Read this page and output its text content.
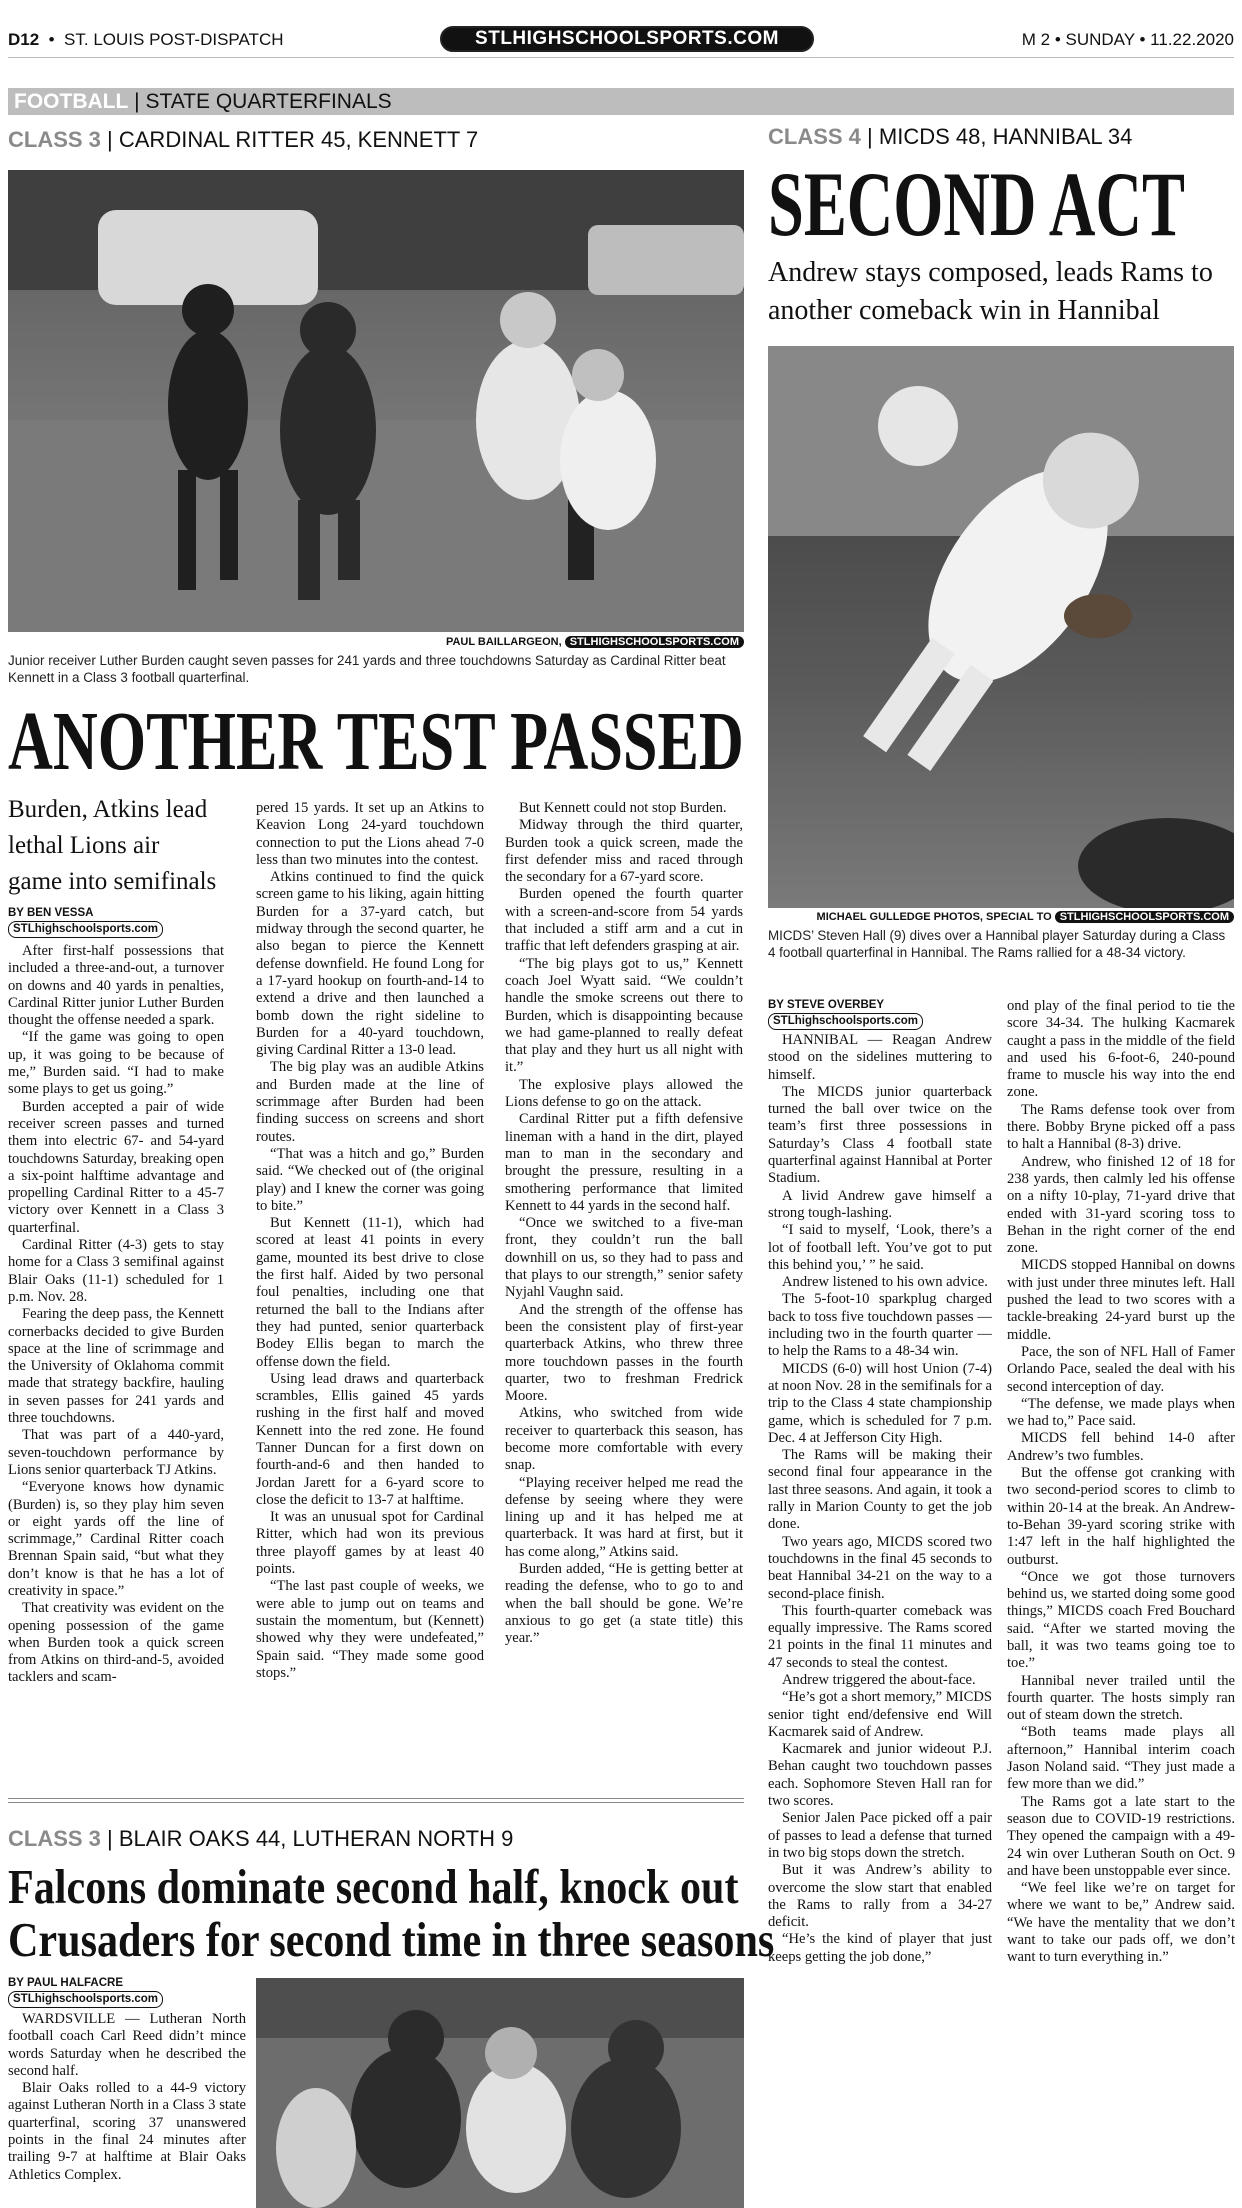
D12  •  ST. LOUIS POST-DISPATCH	STLHIGHSCHOOLSPORTS.COM	M 2 • SUNDAY • 11.22.2020
FOOTBALL | STATE QUARTERFINALS
CLASS 3 | CARDINAL RITTER 45, KENNETT 7
PAUL BAILLARGEON, STLHIGHSCHOOLSPORTS.COM
Junior receiver Luther Burden caught seven passes for 241 yards and three touchdowns Saturday as Cardinal Ritter beat Kennett in a Class 3 football quarterfinal.
ANOTHER TEST PASSED
Burden, Atkins lead lethal Lions air game into semifinals
BY BEN VESSA
STLhighschoolsports.com

After first-half possessions that included a three-and-out, a turnover on downs and 40 yards in penalties, Cardinal Ritter junior Luther Burden thought the offense needed a spark.

“If the game was going to open up, it was going to be because of me,” Burden said. “I had to make some plays to get us going.”

Burden accepted a pair of wide receiver screen passes and turned them into electric 67- and 54-yard touchdowns Saturday, breaking open a six-point halftime advantage and propelling Cardinal Ritter to a 45-7 victory over Kennett in a Class 3 quarterfinal.

Cardinal Ritter (4-3) gets to stay home for a Class 3 semifinal against Blair Oaks (11-1) scheduled for 1 p.m. Nov. 28.

Fearing the deep pass, the Kennett cornerbacks decided to give Burden space at the line of scrimmage and the University of Oklahoma commit made that strategy backfire, hauling in seven passes for 241 yards and three touchdowns.

That was part of a 440-yard, seven-touchdown performance by Lions senior quarterback TJ Atkins.

“Everyone knows how dynamic (Burden) is, so they play him seven or eight yards off the line of scrimmage,” Cardinal Ritter coach Brennan Spain said, “but what they don’t know is that he has a lot of creativity in space.”

That creativity was evident on the opening possession of the game when Burden took a quick screen from Atkins on third-and-5, avoided tacklers and scam-

pered 15 yards. It set up an Atkins to Keavion Long 24-yard touchdown connection to put the Lions ahead 7-0 less than two minutes into the contest.

Atkins continued to find the quick screen game to his liking, again hitting Burden for a 37-yard catch, but midway through the second quarter, he also began to pierce the Kennett defense downfield. He found Long for a 17-yard hookup on fourth-and-14 to extend a drive and then launched a bomb down the right sideline to Burden for a 40-yard touchdown, giving Cardinal Ritter a 13-0 lead.

The big play was an audible Atkins and Burden made at the line of scrimmage after Burden had been finding success on screens and short routes.

“That was a hitch and go,” Burden said. “We checked out of (the original play) and I knew the corner was going to bite.”

But Kennett (11-1), which had scored at least 41 points in every game, mounted its best drive to close the first half. Aided by two personal foul penalties, including one that returned the ball to the Indians after they had punted, senior quarterback Bodey Ellis began to march the offense down the field.

Using lead draws and quarterback scrambles, Ellis gained 45 yards rushing in the first half and moved Kennett into the red zone. He found Tanner Duncan for a first down on fourth-and-6 and then handed to Jordan Jarett for a 6-yard score to close the deficit to 13-7 at halftime.

It was an unusual spot for Cardinal Ritter, which had won its previous three playoff games by at least 40 points.

“The last past couple of weeks, we were able to jump out on teams and sustain the momentum, but (Kennett) showed why they were undefeated,” Spain said. “They made some good stops.”

But Kennett could not stop Burden.

Midway through the third quarter, Burden took a quick screen, made the first defender miss and raced through the secondary for a 67-yard score.

Burden opened the fourth quarter with a screen-and-score from 54 yards that included a stiff arm and a cut in traffic that left defenders grasping at air.

“The big plays got to us,” Kennett coach Joel Wyatt said. “We couldn’t handle the smoke screens out there to Burden, which is disappointing because we had game-planned to really defeat that play and they hurt us all night with it.”

The explosive plays allowed the Lions defense to go on the attack.

Cardinal Ritter put a fifth defensive lineman with a hand in the dirt, played man to man in the secondary and brought the pressure, resulting in a smothering performance that limited Kennett to 44 yards in the second half.

“Once we switched to a five-man front, they couldn’t run the ball downhill on us, so they had to pass and that plays to our strength,” senior safety Nyjahl Vaughn said.

And the strength of the offense has been the consistent play of first-year quarterback Atkins, who threw three more touchdown passes in the fourth quarter, two to freshman Fredrick Moore.

Atkins, who switched from wide receiver to quarterback this season, has become more comfortable with every snap.

“Playing receiver helped me read the defense by seeing where they were lining up and it has helped me at quarterback. It was hard at first, but it has come along,” Atkins said.

Burden added, “He is getting better at reading the defense, who to go to and when the ball should be gone. We’re anxious to go get (a state title) this year.”

CLASS 3 | BLAIR OAKS 44, LUTHERAN NORTH 9
Falcons dominate second half, knock out
Crusaders for second time in three seasons
BY PAUL HALFACRE
STLhighschoolsports.com

WARDSVILLE — Lutheran North football coach Carl Reed didn’t mince words Saturday when he described the second half.

Blair Oaks rolled to a 44-9 victory against Lutheran North in a Class 3 state quarterfinal, scoring 37 unanswered points in the final 24 minutes after trailing 9-7 at halftime at Blair Oaks Athletics Complex.

CLASS 4 | MICDS 48, HANNIBAL 34
SECOND ACT
Andrew stays composed, leads Rams to another comeback win in Hannibal
MICHAEL GULLEDGE PHOTOS, SPECIAL TO STLHIGHSCHOOLSPORTS.COM
MICDS’ Steven Hall (9) dives over a Hannibal player Saturday during a Class 4 football quarterfinal in Hannibal. The Rams rallied for a 48-34 victory.
BY STEVE OVERBEY
STLhighschoolsports.com

HANNIBAL — Reagan Andrew stood on the sidelines muttering to himself.

The MICDS junior quarterback turned the ball over twice on the team’s first three possessions in Saturday’s Class 4 football state quarterfinal against Hannibal at Porter Stadium.

A livid Andrew gave himself a strong tough-lashing.

“I said to myself, ‘Look, there’s a lot of football left. You’ve got to put this behind you,’ ” he said.

Andrew listened to his own advice.

The 5-foot-10 sparkplug charged back to toss five touchdown passes — including two in the fourth quarter — to help the Rams to a 48-34 win.

MICDS (6-0) will host Union (7-4) at noon Nov. 28 in the semifinals for a trip to the Class 4 state championship game, which is scheduled for 7 p.m. Dec. 4 at Jefferson City High.

The Rams will be making their second final four appearance in the last three seasons. And again, it took a rally in Marion County to get the job done.

Two years ago, MICDS scored two touchdowns in the final 45 seconds to beat Hannibal 34-21 on the way to a second-place finish.

This fourth-quarter comeback was equally impressive. The Rams scored 21 points in the final 11 minutes and 47 seconds to steal the contest.

Andrew triggered the about-face.

“He’s got a short memory,” MICDS senior tight end/defensive end Will Kacmarek said of Andrew.

Kacmarek and junior wideout P.J. Behan caught two touchdown passes each. Sophomore Steven Hall ran for two scores.

Senior Jalen Pace picked off a pair of passes to lead a defense that turned in two big stops down the stretch.

But it was Andrew’s ability to overcome the slow start that enabled the Rams to rally from a 34-27 deficit.

“He’s the kind of player that just keeps getting the job done,”

ond play of the final period to tie the score 34-34. The hulking Kacmarek caught a pass in the middle of the field and used his 6-foot-6, 240-pound frame to muscle his way into the end zone.

The Rams defense took over from there. Bobby Bryne picked off a pass to halt a Hannibal (8-3) drive.

Andrew, who finished 12 of 18 for 238 yards, then calmly led his offense on a nifty 10-play, 71-yard drive that ended with 31-yard scoring toss to Behan in the right corner of the end zone.

MICDS stopped Hannibal on downs with just under three minutes left. Hall pushed the lead to two scores with a tackle-breaking 24-yard burst up the middle.

Pace, the son of NFL Hall of Famer Orlando Pace, sealed the deal with his second interception of day.

“The defense, we made plays when we had to,” Pace said.

MICDS fell behind 14-0 after Andrew’s two fumbles.

But the offense got cranking with two second-period scores to climb to within 20-14 at the break. An Andrew-to-Behan 39-yard scoring strike with 1:47 left in the half highlighted the outburst.

“Once we got those turnovers behind us, we started doing some good things,” MICDS coach Fred Bouchard said. “After we started moving the ball, it was two teams going toe to toe.”

Hannibal never trailed until the fourth quarter. The hosts simply ran out of steam down the stretch.

“Both teams made plays all afternoon,” Hannibal interim coach Jason Noland said. “They just made a few more than we did.”

The Rams got a late start to the season due to COVID-19 restrictions. They opened the campaign with a 49-24 win over Lutheran South on Oct. 9 and have been unstoppable ever since.

“We feel like we’re on target for where we want to be,” Andrew said. “We have the mentality that we don’t want to take our pads off, we don’t want to turn everything in.”
